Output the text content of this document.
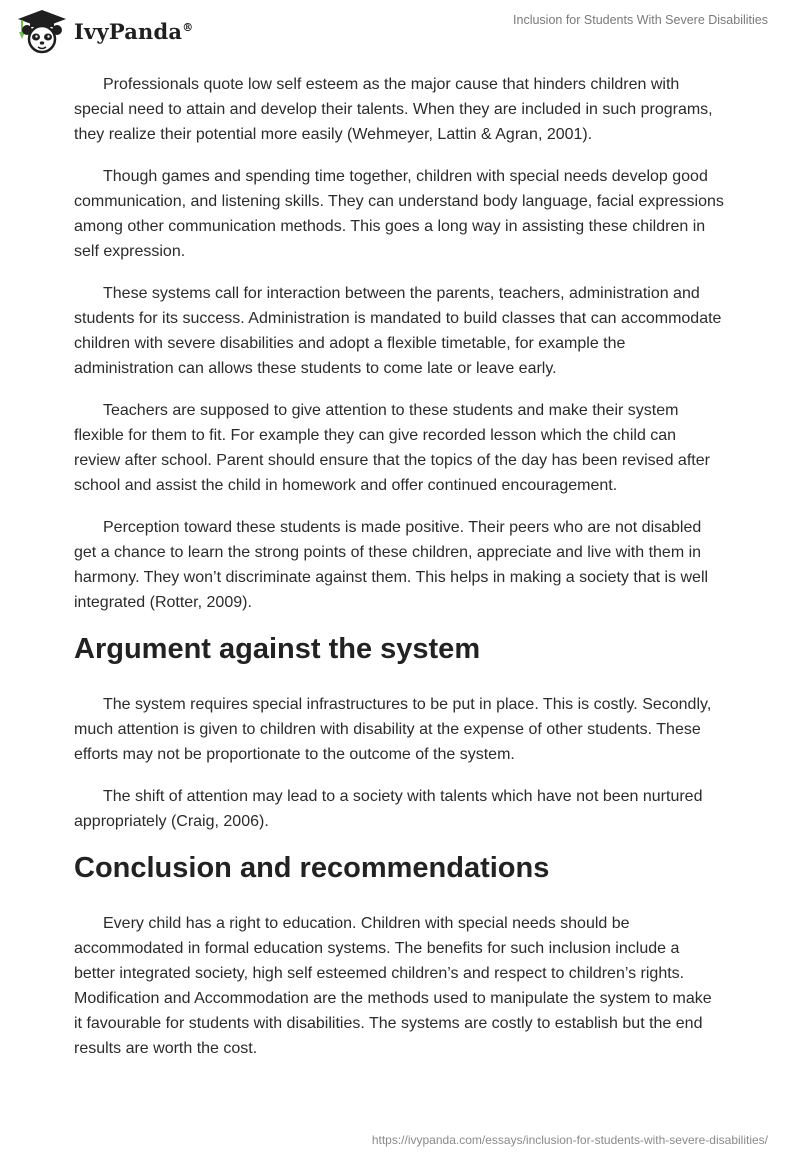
IvyPanda®	Inclusion for Students With Severe Disabilities

Professionals quote low self esteem as the major cause that hinders children with special need to attain and develop their talents. When they are included in such programs, they realize their potential more easily (Wehmeyer, Lattin & Agran, 2001).

Though games and spending time together, children with special needs develop good communication, and listening skills. They can understand body language, facial expressions among other communication methods. This goes a long way in assisting these children in self expression.

These systems call for interaction between the parents, teachers, administration and students for its success. Administration is mandated to build classes that can accommodate children with severe disabilities and adopt a flexible timetable, for example the administration can allows these students to come late or leave early.

Teachers are supposed to give attention to these students and make their system flexible for them to fit. For example they can give recorded lesson which the child can review after school. Parent should ensure that the topics of the day has been revised after school and assist the child in homework and offer continued encouragement.

Perception toward these students is made positive. Their peers who are not disabled get a chance to learn the strong points of these children, appreciate and live with them in harmony. They won’t discriminate against them. This helps in making a society that is well integrated (Rotter, 2009).

Argument against the system

The system requires special infrastructures to be put in place. This is costly. Secondly, much attention is given to children with disability at the expense of other students. These efforts may not be proportionate to the outcome of the system.

The shift of attention may lead to a society with talents which have not been nurtured appropriately (Craig, 2006).

Conclusion and recommendations

Every child has a right to education. Children with special needs should be accommodated in formal education systems. The benefits for such inclusion include a better integrated society, high self esteemed children’s and respect to children’s rights. Modification and Accommodation are the methods used to manipulate the system to make it favourable for students with disabilities. The systems are costly to establish but the end results are worth the cost.

https://ivypanda.com/essays/inclusion-for-students-with-severe-disabilities/
